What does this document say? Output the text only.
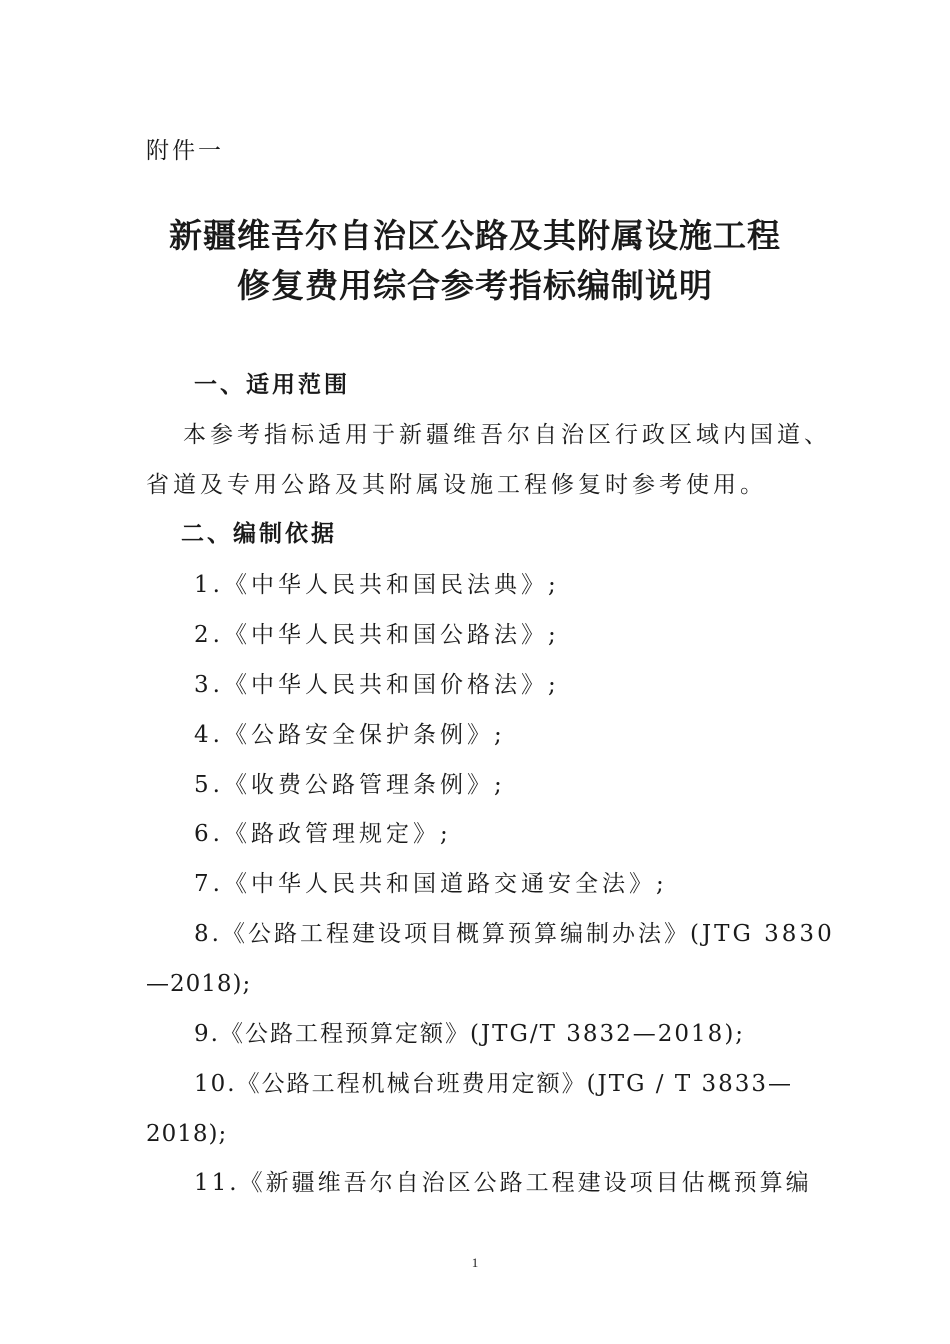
附件一
新疆维吾尔自治区公路及其附属设施工程
修复费用综合参考指标编制说明
一、适用范围
本参考指标适用于新疆维吾尔自治区行政区域内国道、
省道及专用公路及其附属设施工程修复时参考使用。
二、编制依据
1.《中华人民共和国民法典》;
2.《中华人民共和国公路法》;
3.《中华人民共和国价格法》;
4.《公路安全保护条例》;
5.《收费公路管理条例》;
6.《路政管理规定》;
7.《中华人民共和国道路交通安全法》;
8.《公路工程建设项目概算预算编制办法》(JTG 3830
—2018);
9.《公路工程预算定额》(JTG/T 3832—2018);
10.《公路工程机械台班费用定额》(JTG / T 3833—
2018);
11.《新疆维吾尔自治区公路工程建设项目估概预算编
1
